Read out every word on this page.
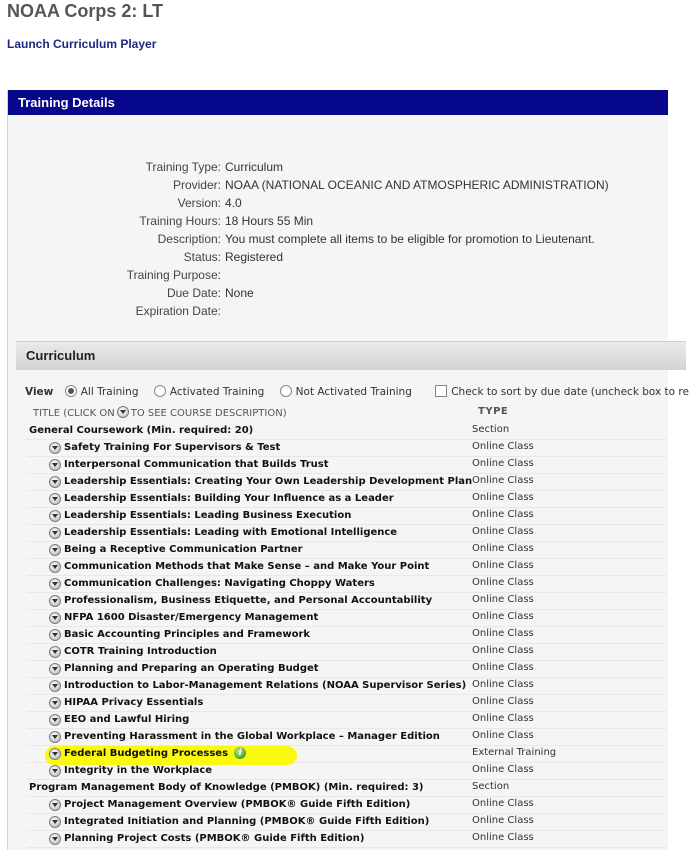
NOAA Corps 2: LT
Launch Curriculum Player
Training Details
Training Type: Curriculum
Provider: NOAA (NATIONAL OCEANIC AND ATMOSPHERIC ADMINISTRATION)
Version: 4.0
Training Hours: 18 Hours 55 Min
Description: You must complete all items to be eligible for promotion to Lieutenant.
Status: Registered
Training Purpose:
Due Date: None
Expiration Date:
Curriculum
View	All Training	Activated Training	Not Activated Training	Check to sort by due date (uncheck box to re
TITLE (CLICK ON TO SEE COURSE DESCRIPTION)	TYPE
General Coursework (Min. required: 20)	Section
Safety Training For Supervisors & Test	Online Class
Interpersonal Communication that Builds Trust	Online Class
Leadership Essentials: Creating Your Own Leadership Development Plan Online Class
Leadership Essentials: Building Your Influence as a Leader	Online Class
Leadership Essentials: Leading Business Execution	Online Class
Leadership Essentials: Leading with Emotional Intelligence	Online Class
Being a Receptive Communication Partner	Online Class
Communication Methods that Make Sense – and Make Your Point	Online Class
Communication Challenges: Navigating Choppy Waters	Online Class
Professionalism, Business Etiquette, and Personal Accountability	Online Class
NFPA 1600 Disaster/Emergency Management	Online Class
Basic Accounting Principles and Framework	Online Class
COTR Training Introduction	Online Class
Planning and Preparing an Operating Budget	Online Class
Introduction to Labor-Management Relations (NOAA Supervisor Series) Online Class
HIPAA Privacy Essentials	Online Class
EEO and Lawful Hiring	Online Class
Preventing Harassment in the Global Workplace – Manager Edition	Online Class
Federal Budgeting Processes	i	External Training
Integrity in the Workplace	Online Class
Program Management Body of Knowledge (PMBOK) (Min. required: 3)	Section
Project Management Overview (PMBOK® Guide Fifth Edition)	Online Class
Integrated Initiation and Planning (PMBOK® Guide Fifth Edition)	Online Class
Planning Project Costs (PMBOK® Guide Fifth Edition)	Online Class
